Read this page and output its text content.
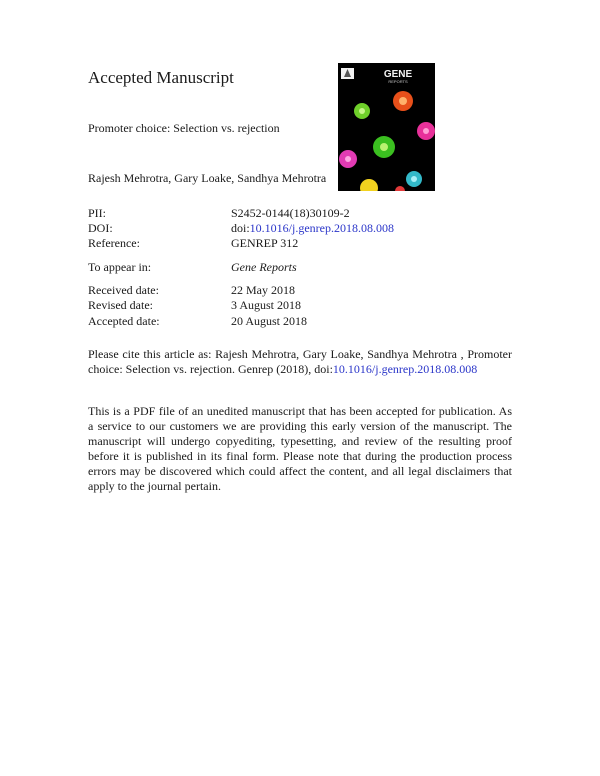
Accepted Manuscript
Promoter choice: Selection vs. rejection
Rajesh Mehrotra, Gary Loake, Sandhya Mehrotra
GENE
REPORTS
PII:	S2452-0144(18)30109-2
DOI:	doi:10.1016/j.genrep.2018.08.008
Reference:	GENREP 312
To appear in:	Gene Reports
Received date:	22 May 2018
Revised date:	3 August 2018
Accepted date:	20 August 2018
Please cite this article as: Rajesh Mehrotra, Gary Loake, Sandhya Mehrotra , Promoter choice: Selection vs. rejection. Genrep (2018), doi:10.1016/j.genrep.2018.08.008
This is a PDF file of an unedited manuscript that has been accepted for publication. As a service to our customers we are providing this early version of the manuscript. The manuscript will undergo copyediting, typesetting, and review of the resulting proof before it is published in its final form. Please note that during the production process errors may be discovered which could affect the content, and all legal disclaimers that apply to the journal pertain.
